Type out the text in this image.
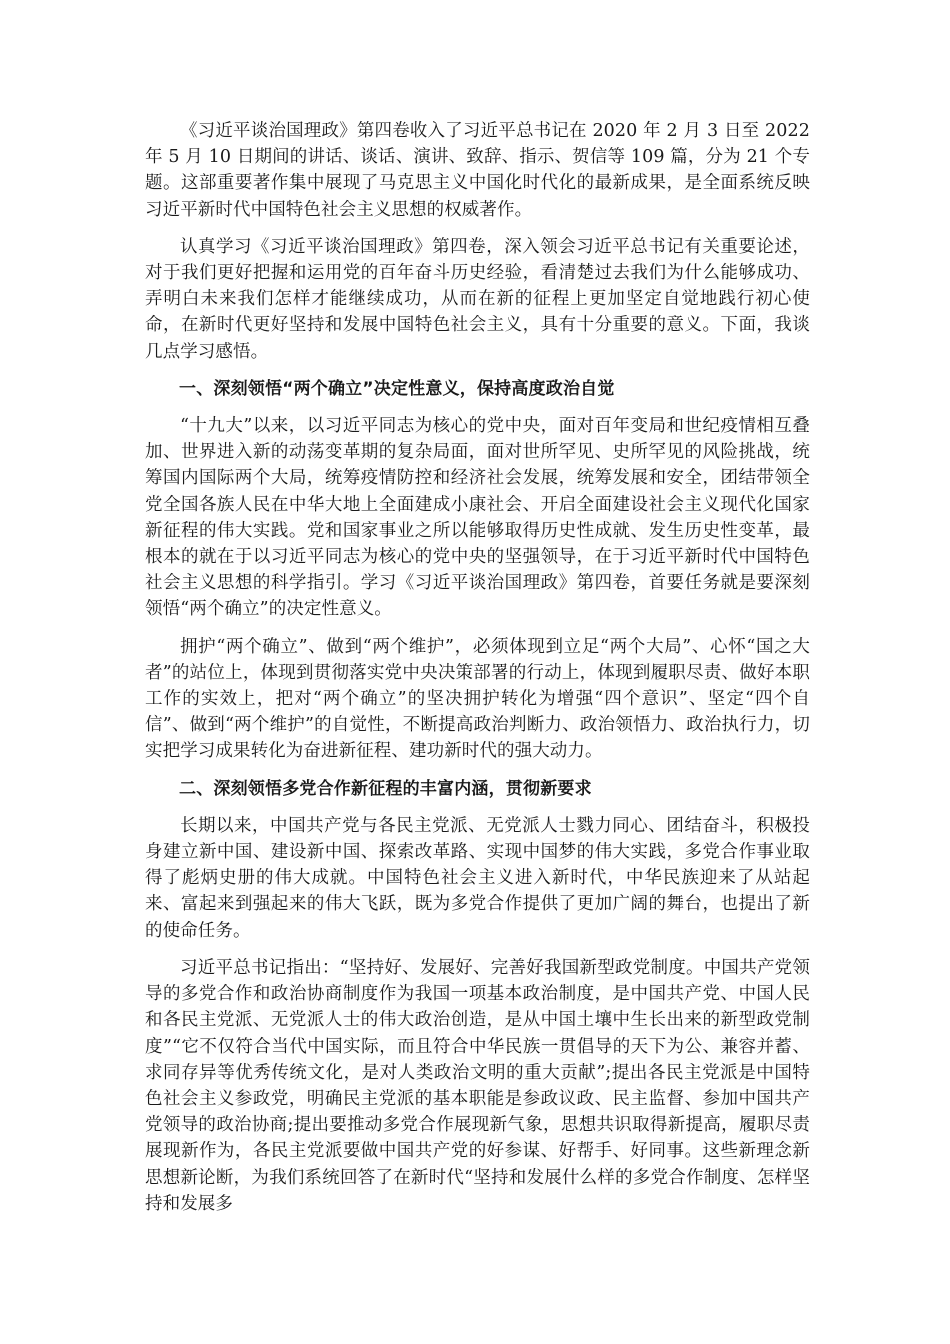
《习近平谈治国理政》第四卷收入了习近平总书记在 2020 年 2 月 3 日至 2022 年 5 月 10 日期间的讲话、谈话、演讲、致辞、指示、贺信等 109 篇，分为 21 个专题。这部重要著作集中展现了马克思主义中国化时代化的最新成果，是全面系统反映习近平新时代中国特色社会主义思想的权威著作。

认真学习《习近平谈治国理政》第四卷，深入领会习近平总书记有关重要论述，对于我们更好把握和运用党的百年奋斗历史经验，看清楚过去我们为什么能够成功、弄明白未来我们怎样才能继续成功，从而在新的征程上更加坚定自觉地践行初心使命，在新时代更好坚持和发展中国特色社会主义，具有十分重要的意义。下面，我谈几点学习感悟。

一、深刻领悟“两个确立”决定性意义，保持高度政治自觉

“十九大”以来，以习近平同志为核心的党中央，面对百年变局和世纪疫情相互叠加、世界进入新的动荡变革期的复杂局面，面对世所罕见、史所罕见的风险挑战，统筹国内国际两个大局，统筹疫情防控和经济社会发展，统筹发展和安全，团结带领全党全国各族人民在中华大地上全面建成小康社会、开启全面建设社会主义现代化国家新征程的伟大实践。党和国家事业之所以能够取得历史性成就、发生历史性变革，最根本的就在于以习近平同志为核心的党中央的坚强领导，在于习近平新时代中国特色社会主义思想的科学指引。学习《习近平谈治国理政》第四卷，首要任务就是要深刻领悟“两个确立”的决定性意义。

拥护“两个确立”、做到“两个维护”，必须体现到立足“两个大局”、心怀“国之大者”的站位上，体现到贯彻落实党中央决策部署的行动上，体现到履职尽责、做好本职工作的实效上，把对“两个确立”的坚决拥护转化为增强“四个意识”、坚定“四个自信”、做到“两个维护”的自觉性，不断提高政治判断力、政治领悟力、政治执行力，切实把学习成果转化为奋进新征程、建功新时代的强大动力。

二、深刻领悟多党合作新征程的丰富内涵，贯彻新要求

长期以来，中国共产党与各民主党派、无党派人士戮力同心、团结奋斗，积极投身建立新中国、建设新中国、探索改革路、实现中国梦的伟大实践，多党合作事业取得了彪炳史册的伟大成就。中国特色社会主义进入新时代，中华民族迎来了从站起来、富起来到强起来的伟大飞跃，既为多党合作提供了更加广阔的舞台，也提出了新的使命任务。

习近平总书记指出：“坚持好、发展好、完善好我国新型政党制度。中国共产党领导的多党合作和政治协商制度作为我国一项基本政治制度，是中国共产党、中国人民和各民主党派、无党派人士的伟大政治创造，是从中国土壤中生长出来的新型政党制度”“它不仅符合当代中国实际，而且符合中华民族一贯倡导的天下为公、兼容并蓄、求同存异等优秀传统文化，是对人类政治文明的重大贡献”;提出各民主党派是中国特色社会主义参政党，明确民主党派的基本职能是参政议政、民主监督、参加中国共产党领导的政治协商;提出要推动多党合作展现新气象，思想共识取得新提高，履职尽责展现新作为，各民主党派要做中国共产党的好参谋、好帮手、好同事。这些新理念新思想新论断，为我们系统回答了在新时代“坚持和发展什么样的多党合作制度、怎样坚持和发展多
